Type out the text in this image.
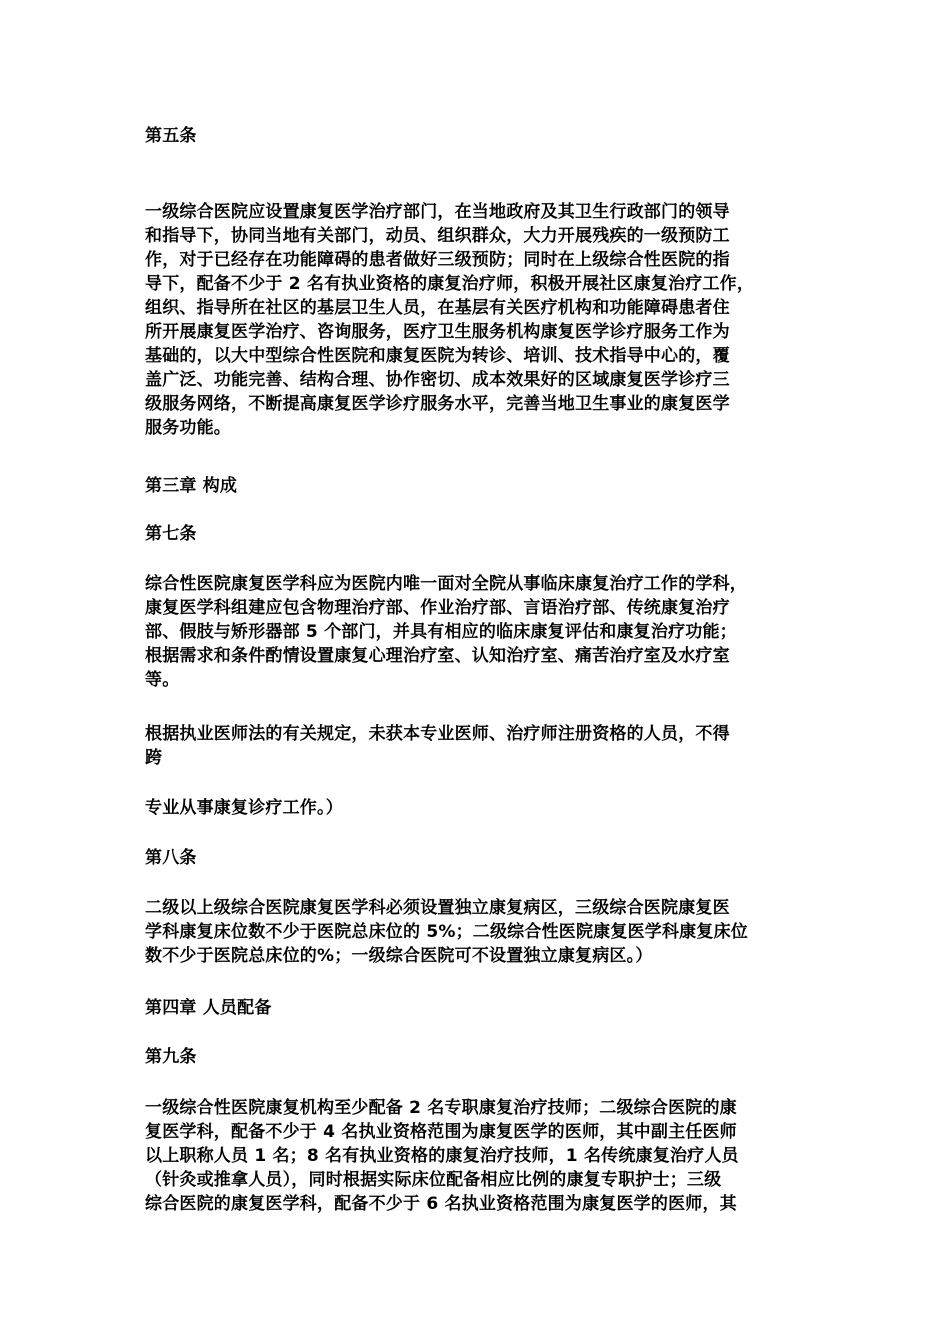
第五条
一级综合医院应设置康复医学治疗部门，在当地政府及其卫生行政部门的领导
和指导下，协同当地有关部门，动员、组织群众，大力开展残疾的一级预防工
作，对于已经存在功能障碍的患者做好三级预防；同时在上级综合性医院的指
导下，配备不少于 2 名有执业资格的康复治疗师，积极开展社区康复治疗工作，
组织、指导所在社区的基层卫生人员，在基层有关医疗机构和功能障碍患者住
所开展康复医学治疗、咨询服务，医疗卫生服务机构康复医学诊疗服务工作为
基础的，以大中型综合性医院和康复医院为转诊、培训、技术指导中心的，覆
盖广泛、功能完善、结构合理、协作密切、成本效果好的区域康复医学诊疗三
级服务网络，不断提高康复医学诊疗服务水平，完善当地卫生事业的康复医学
服务功能。
第三章 构成
第七条
综合性医院康复医学科应为医院内唯一面对全院从事临床康复治疗工作的学科，
康复医学科组建应包含物理治疗部、作业治疗部、言语治疗部、传统康复治疗
部、假肢与矫形器部 5 个部门，并具有相应的临床康复评估和康复治疗功能；
根据需求和条件酌情设置康复心理治疗室、认知治疗室、痛苦治疗室及水疗室
等。
根据执业医师法的有关规定，未获本专业医师、治疗师注册资格的人员，不得
跨
专业从事康复诊疗工作。）
第八条
二级以上级综合医院康复医学科必须设置独立康复病区，三级综合医院康复医
学科康复床位数不少于医院总床位的 5%；二级综合性医院康复医学科康复床位
数不少于医院总床位的%；一级综合医院可不设置独立康复病区。）
第四章 人员配备
第九条
一级综合性医院康复机构至少配备 2 名专职康复治疗技师；二级综合医院的康
复医学科，配备不少于 4 名执业资格范围为康复医学的医师，其中副主任医师
以上职称人员 1 名；8 名有执业资格的康复治疗技师，1 名传统康复治疗人员
（针灸或推拿人员），同时根据实际床位配备相应比例的康复专职护士；三级
综合医院的康复医学科，配备不少于 6 名执业资格范围为康复医学的医师，其
